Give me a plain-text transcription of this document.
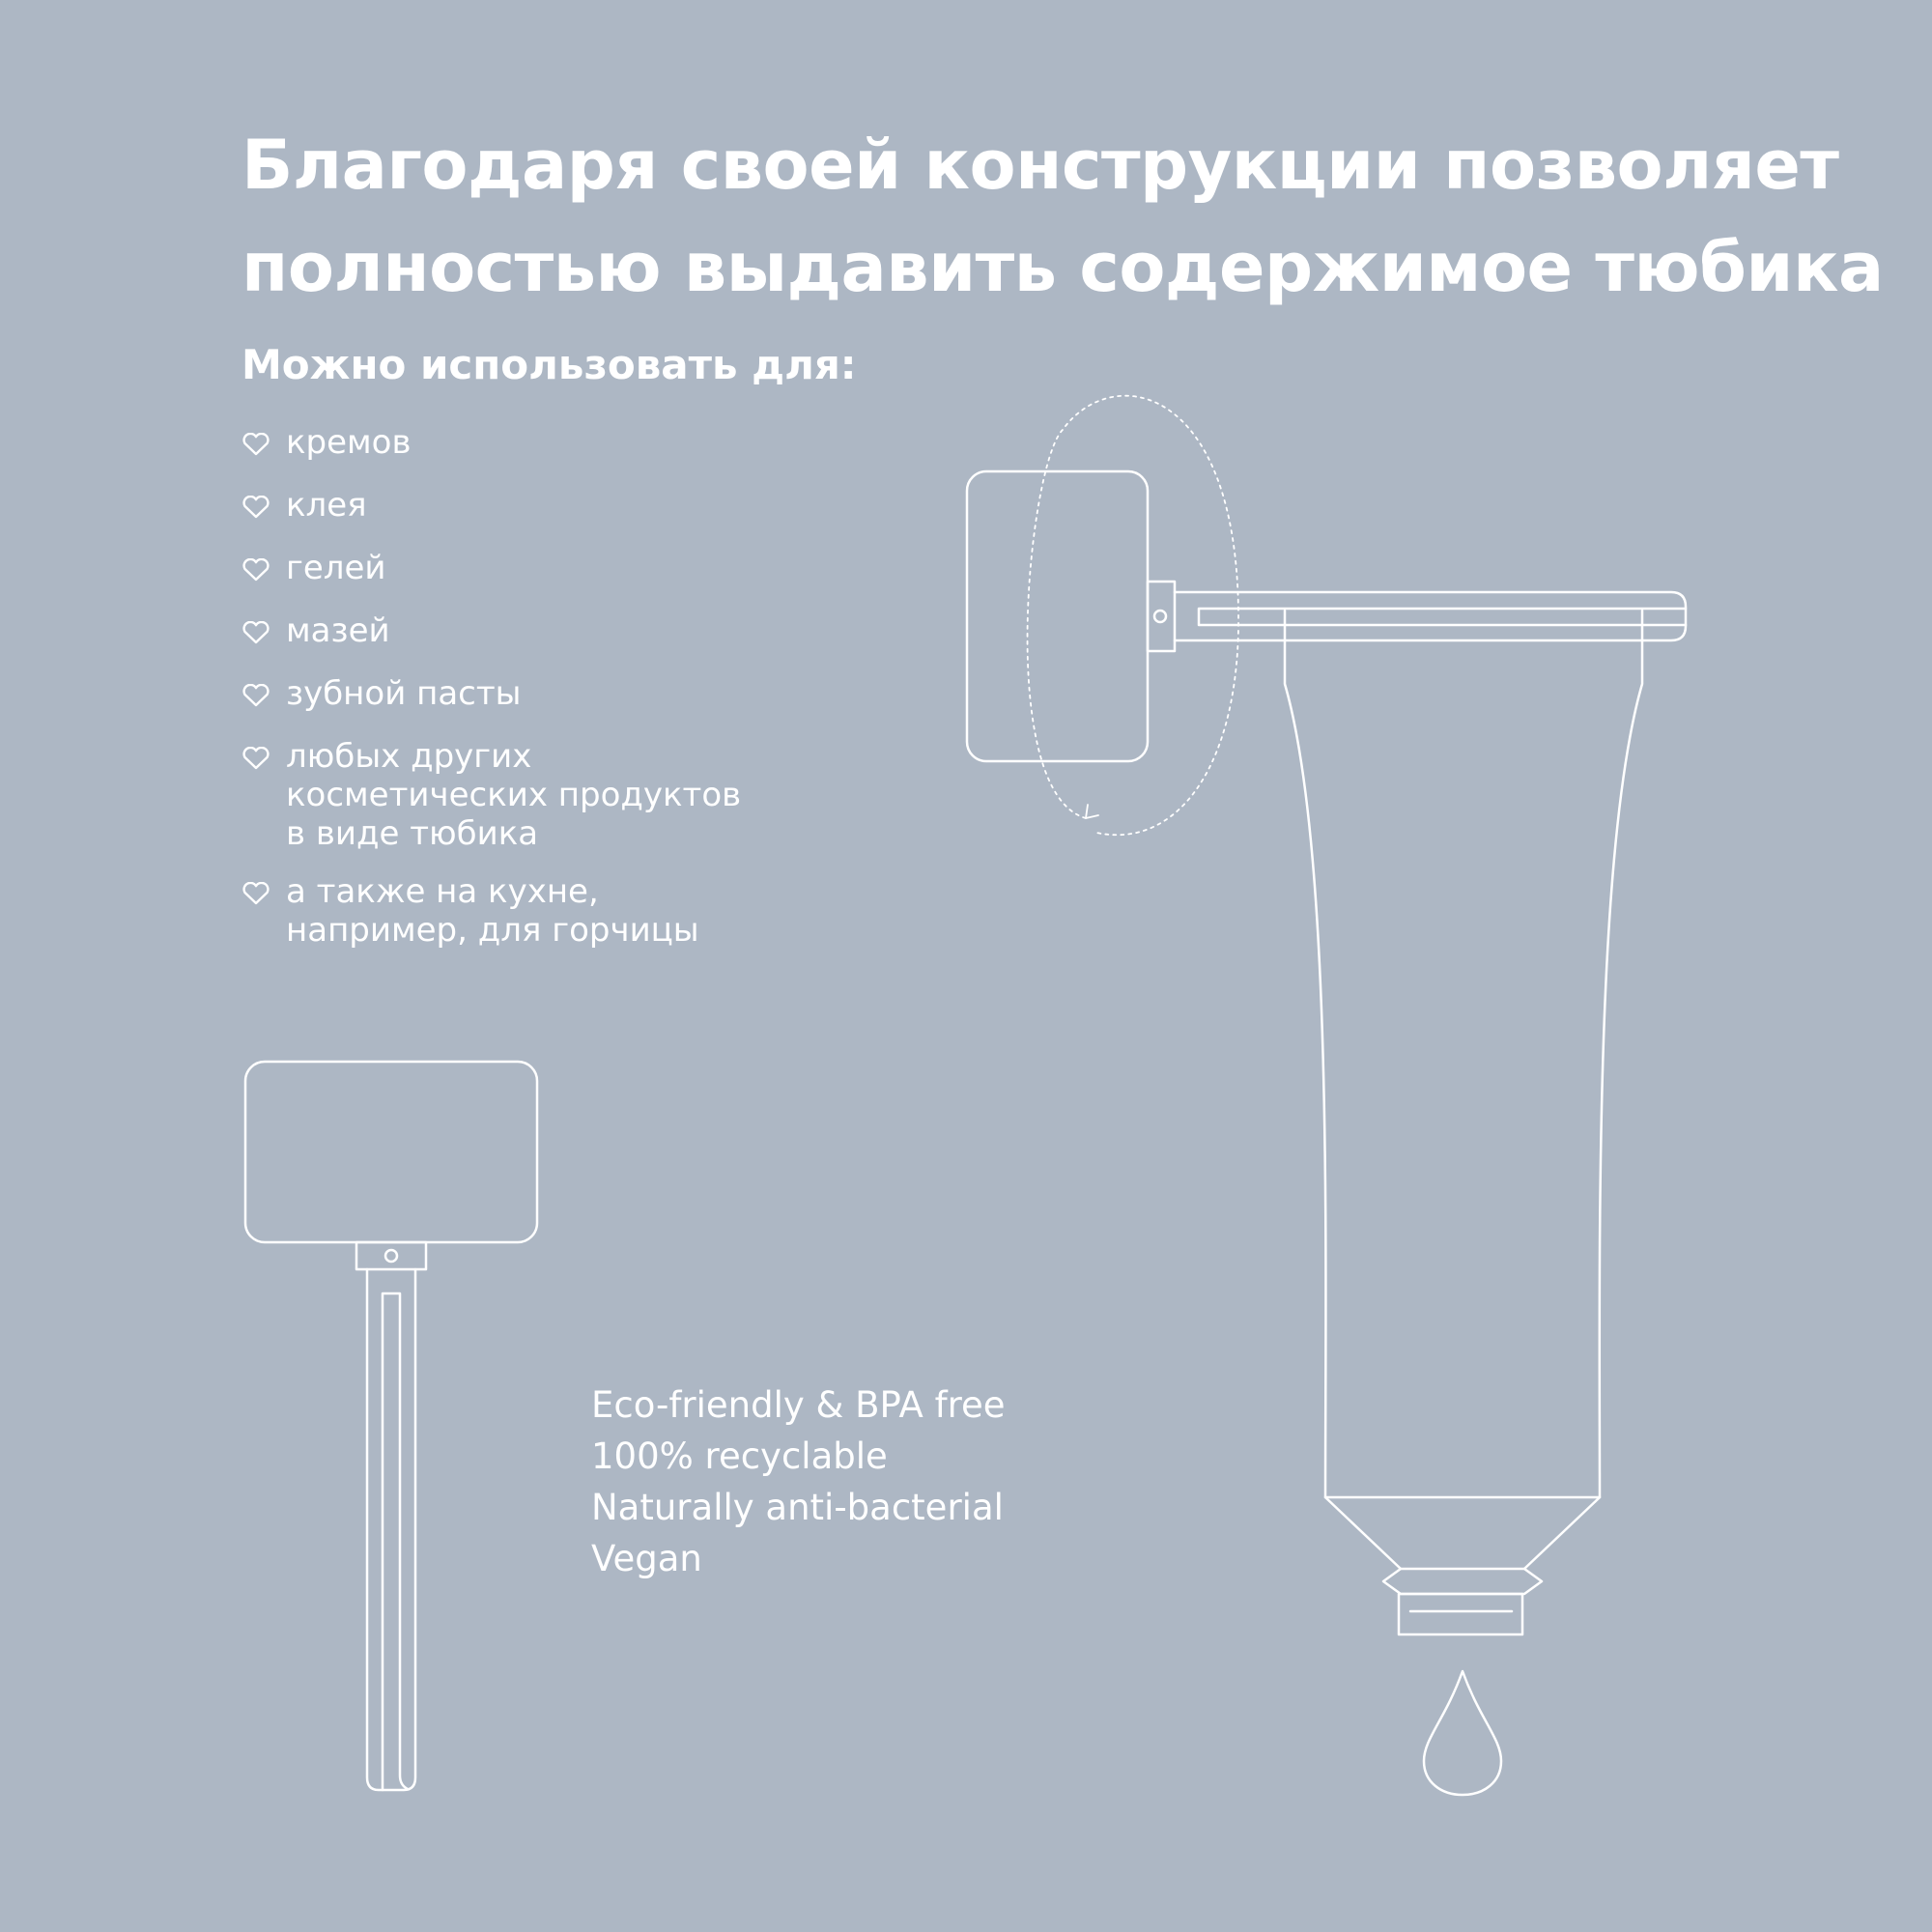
Благодаря своей конструкции позволяет
полностью выдавить содержимое тюбика
Можно использовать для:
кремов
клея
гелей
мазей
зубной пасты
любых других
косметических продуктов
в виде тюбика
а также на кухне,
например, для горчицы
Eco-friendly & BPA free
100% recyclable
Naturally anti-bacterial
Vegan
